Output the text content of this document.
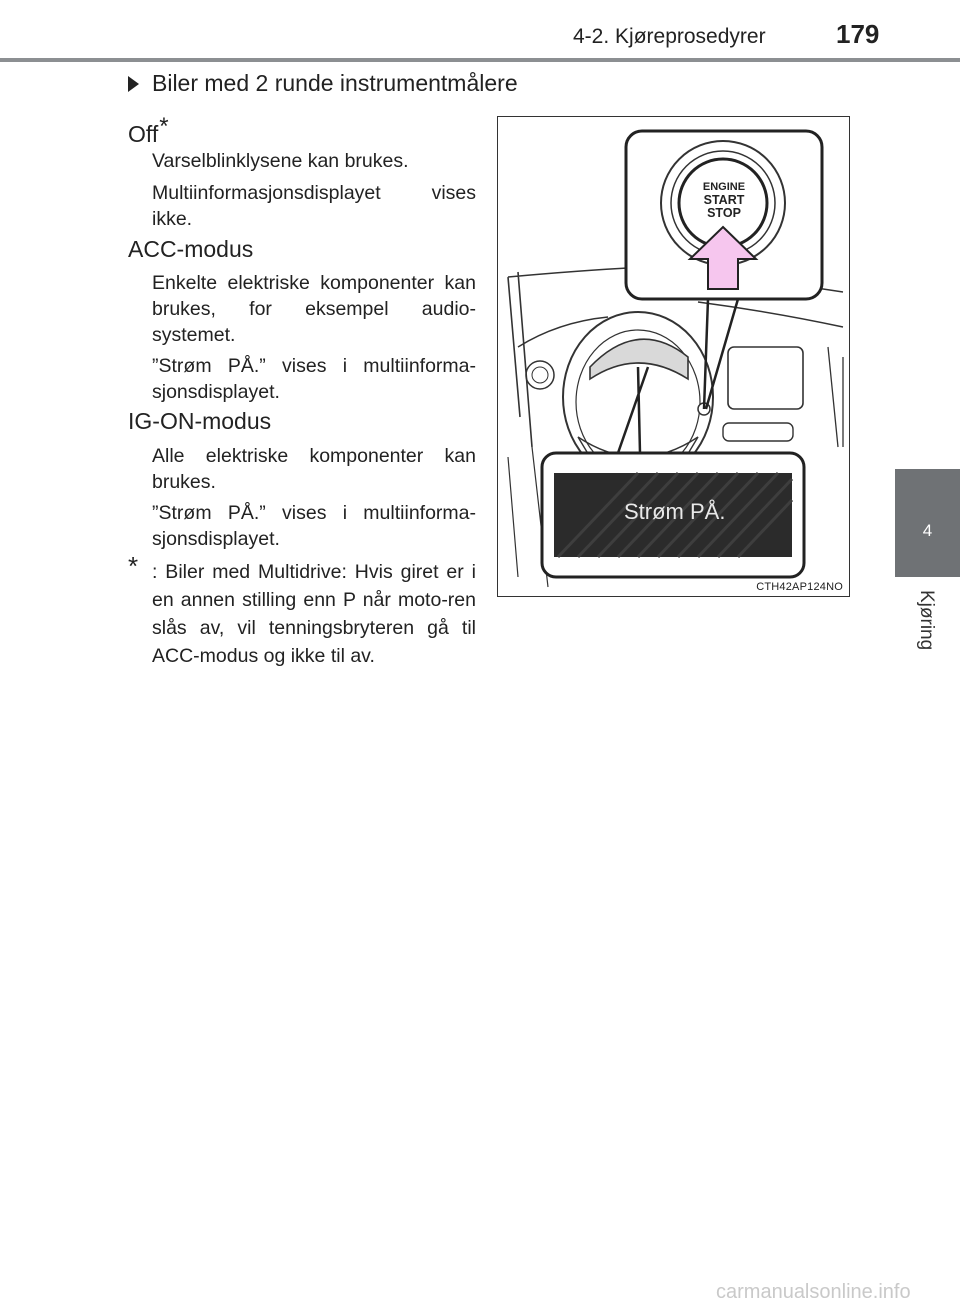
4-2. Kjøreprosedyrer	179
4
Kjøring
Biler med 2 runde instrumentmålere
Off*
Varselblinklysene kan brukes.
Multiinformasjonsdisplayet vises ikke.
ACC-modus
Enkelte elektriske komponenter kan brukes, for eksempel audio-systemet.
”Strøm PÅ.” vises i multiinforma-sjonsdisplayet.
IG-ON-modus
Alle elektriske komponenter kan brukes.
”Strøm PÅ.” vises i multiinforma-sjonsdisplayet.
* : Biler med Multidrive: Hvis giret er i en annen stilling enn P når moto-ren slås av, vil tenningsbryteren gå til ACC-modus og ikke til av.
ENGINE
START
STOP
Strøm PÅ.
CTH42AP124NO
carmanualsonline.info
